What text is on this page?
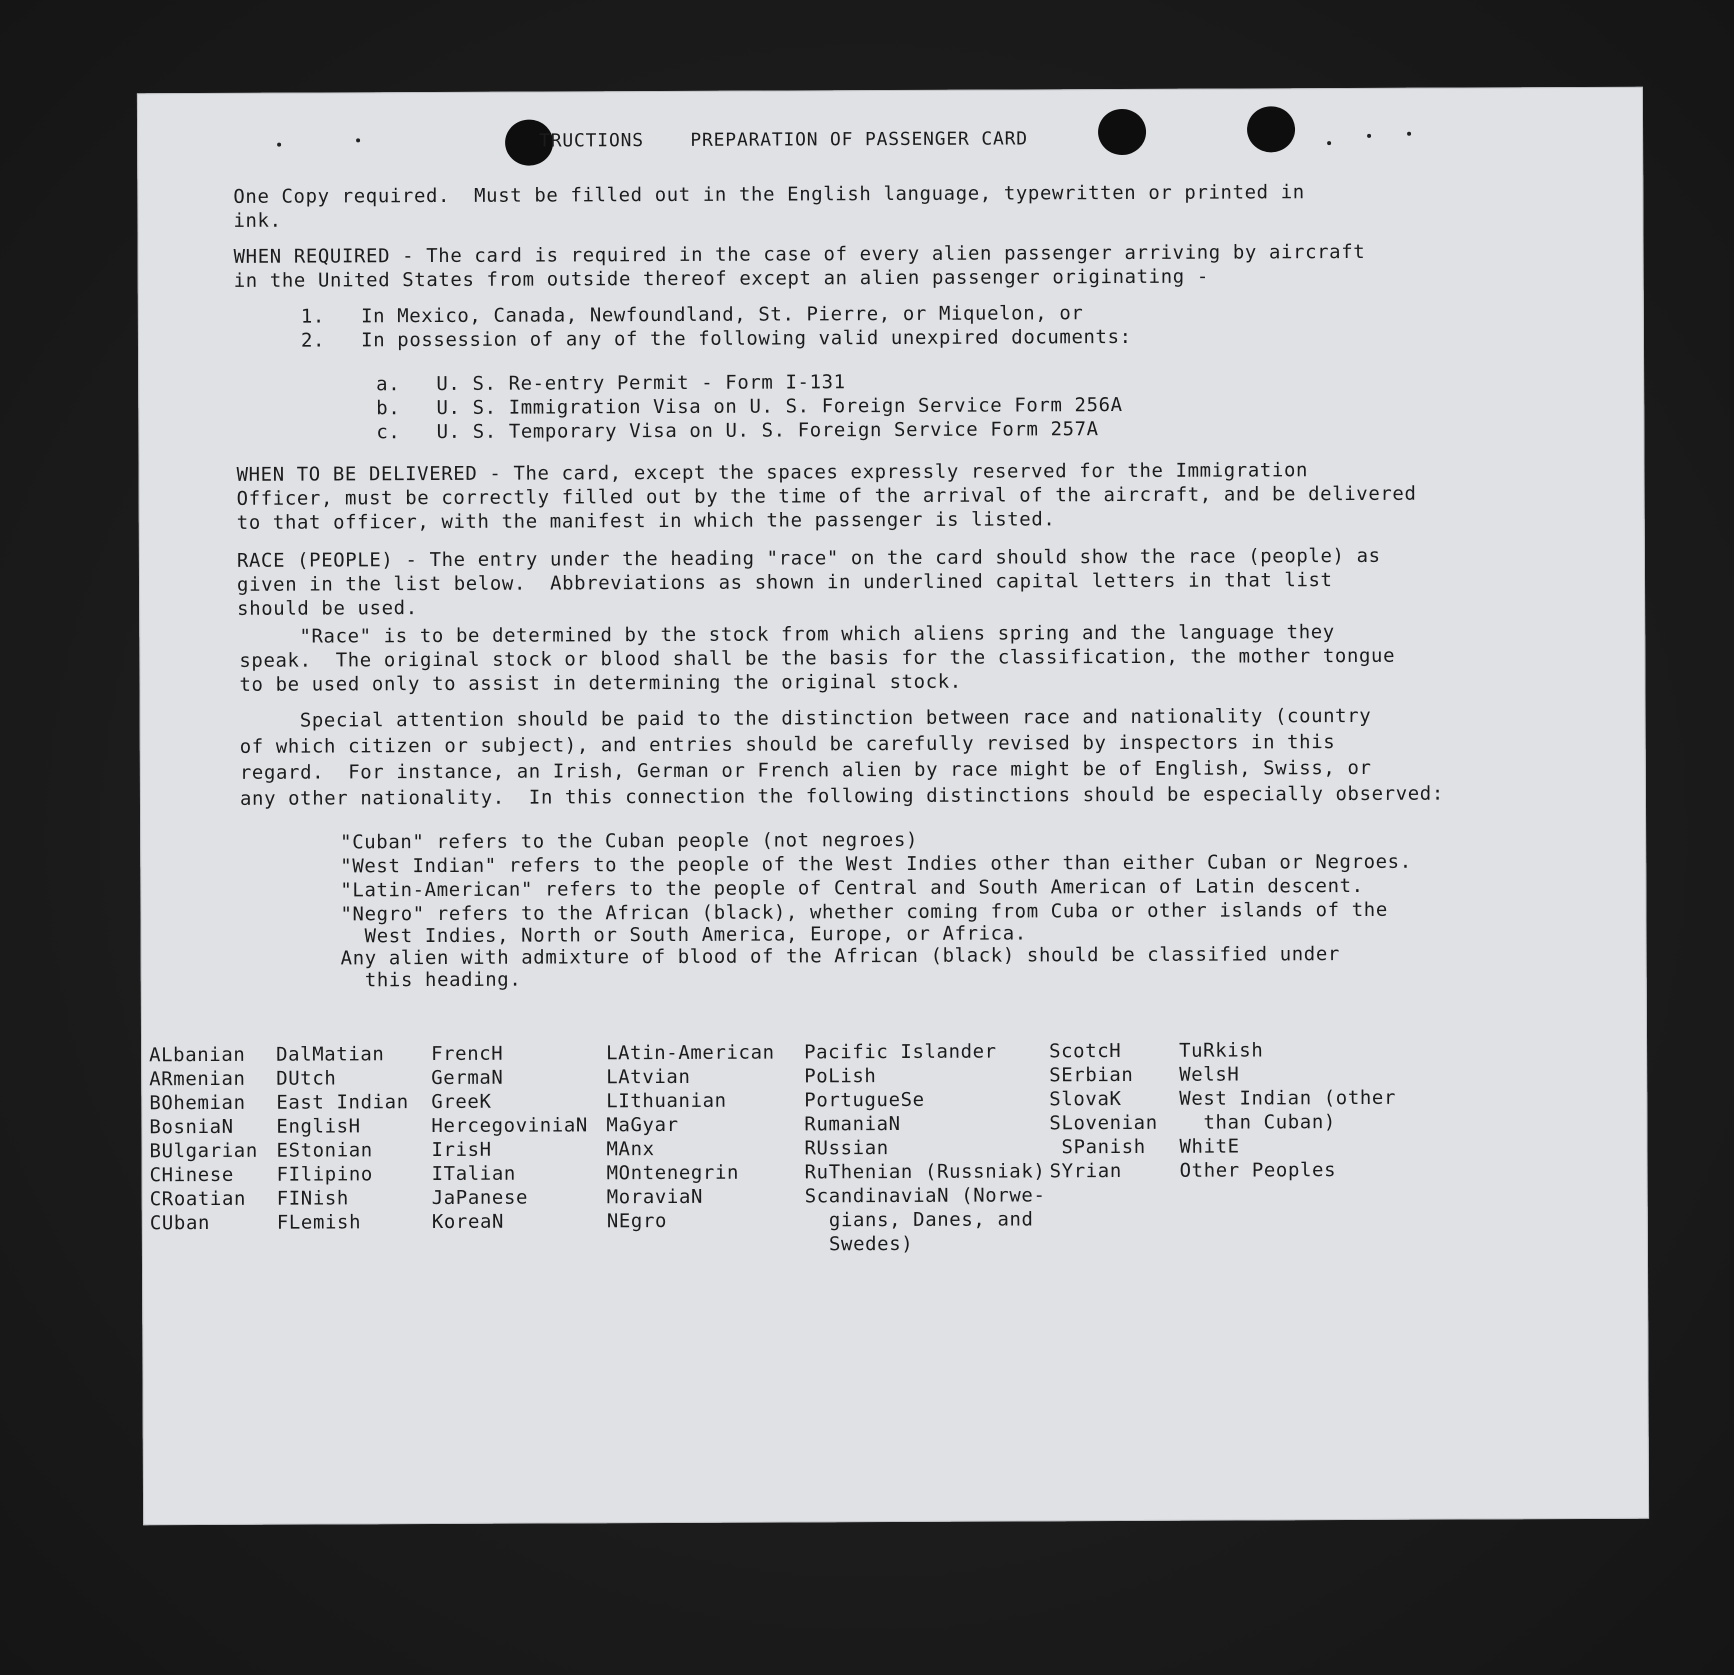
TRUCTIONS    PREPARATION OF PASSENGER CARD

One Copy required.  Must be filled out in the English language, typewritten or printed in

ink.

WHEN REQUIRED - The card is required in the case of every alien passenger arriving by aircraft

in the United States from outside thereof except an alien passenger originating -

1.   In Mexico, Canada, Newfoundland, St. Pierre, or Miquelon, or

2.   In possession of any of the following valid unexpired documents:

a.   U. S. Re-entry Permit - Form I-131

b.   U. S. Immigration Visa on U. S. Foreign Service Form 256A

c.   U. S. Temporary Visa on U. S. Foreign Service Form 257A

WHEN TO BE DELIVERED - The card, except the spaces expressly reserved for the Immigration

Officer, must be correctly filled out by the time of the arrival of the aircraft, and be delivered

to that officer, with the manifest in which the passenger is listed.

RACE (PEOPLE) - The entry under the heading "race" on the card should show the race (people) as

given in the list below.  Abbreviations as shown in underlined capital letters in that list

should be used.

"Race" is to be determined by the stock from which aliens spring and the language they

speak.  The original stock or blood shall be the basis for the classification, the mother tongue

to be used only to assist in determining the original stock.

Special attention should be paid to the distinction between race and nationality (country

of which citizen or subject), and entries should be carefully revised by inspectors in this

regard.  For instance, an Irish, German or French alien by race might be of English, Swiss, or

any other nationality.  In this connection the following distinctions should be especially observed:

"Cuban" refers to the Cuban people (not negroes)

"West Indian" refers to the people of the West Indies other than either Cuban or Negroes.

"Latin-American" refers to the people of Central and South American of Latin descent.

"Negro" refers to the African (black), whether coming from Cuba or other islands of the

West Indies, North or South America, Europe, or Africa.

Any alien with admixture of blood of the African (black) should be classified under

this heading.

ALbanian
ARmenian
BOhemian
BosniaN
BUlgarian
CHinese
CRoatian
CUban
DalMatian
DUtch
East Indian
EnglisH
EStonian
FIlipino
FINish
FLemish
FrencH
GermaN
GreeK
HercegoviniaN
IrisH
ITalian
JaPanese
KoreaN
LAtin-American
LAtvian
LIthuanian
MaGyar
MAnx
MOntenegrin
MoraviaN
NEgro
Pacific Islander
PoLish
PortugueSe
RumaniaN
RUssian
RuThenian (Russniak)
ScandinaviaN (Norwe-
gians, Danes, and
Swedes)
ScotcH
SErbian
SlovaK
SLovenian
SPanish
SYrian
TuRkish
WelsH
West Indian (other
than Cuban)
WhitE
Other Peoples
